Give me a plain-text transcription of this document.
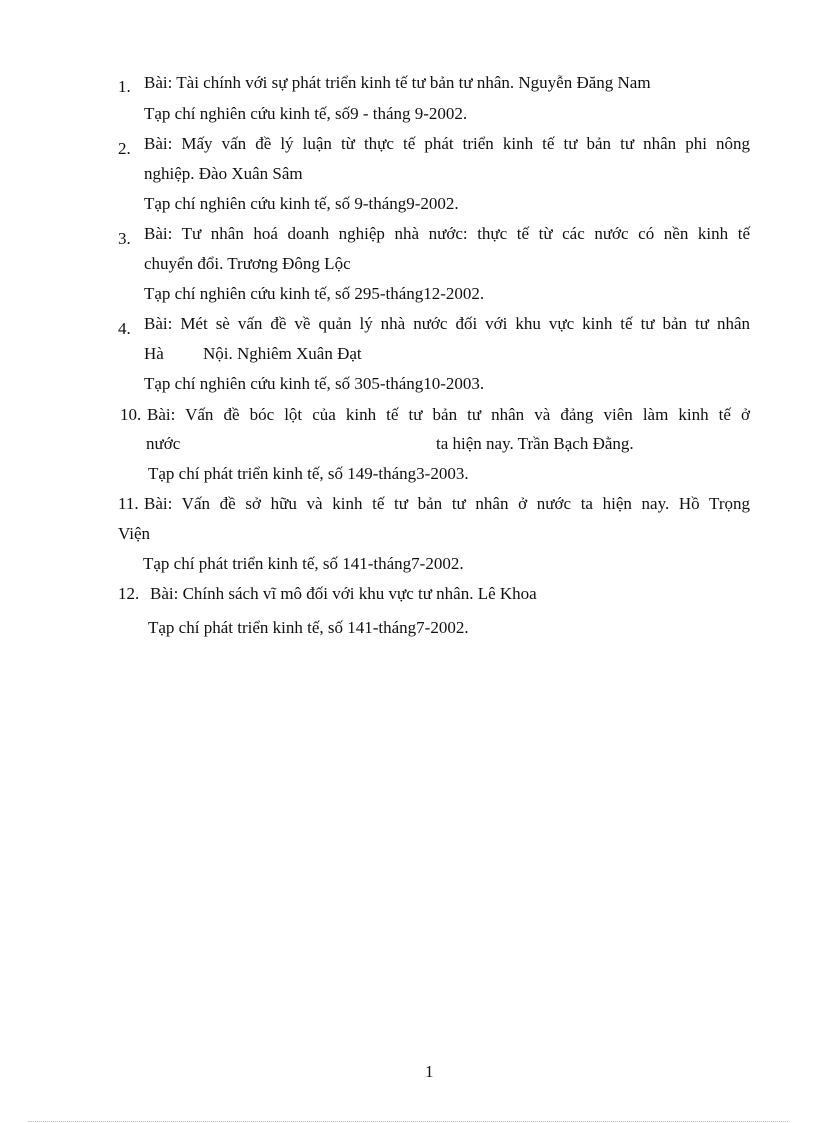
1. Bài: Tài chính với sự phát triển kinh tế tư bản tư nhân. Nguyễn Đăng Nam
Tạp chí nghiên cứu kinh tế, số9 - tháng 9-2002.
2. Bài: Mấy vấn đề lý luận từ thực tế phát triển kinh tế tư bản tư nhân phi nông
nghiệp. Đào Xuân Sâm
Tạp chí nghiên cứu kinh tế, số 9-tháng9-2002.
3. Bài: Tư nhân hoá doanh nghiệp nhà nước: thực tế từ các nước có nền kinh tế
chuyển đổi. Trương Đông Lộc
Tạp chí nghiên cứu kinh tế, số 295-tháng12-2002.
4. Bài: Mét sè vấn đề về quản lý nhà nước đối với khu vực kinh tế tư bản tư nhân
Hà Nội. Nghiêm Xuân Đạt
Tạp chí nghiên cứu kinh tế, số 305-tháng10-2003.
10. Bài: Vấn đề bóc lột của kinh tế tư bản tư nhân và đảng viên làm kinh tế ở
nước	ta hiện nay. Trần Bạch Đằng.
Tạp chí phát triển kinh tế, số 149-tháng3-2003.
11. Bài: Vấn đề sở hữu và kinh tế tư bản tư nhân ở nước ta hiện nay. Hồ Trọng
Viện
Tạp chí phát triển kinh tế, số 141-tháng7-2002.
12. Bài: Chính sách vĩ mô đối với khu vực tư nhân. Lê Khoa
Tạp chí phát triển kinh tế, số 141-tháng7-2002.
1
